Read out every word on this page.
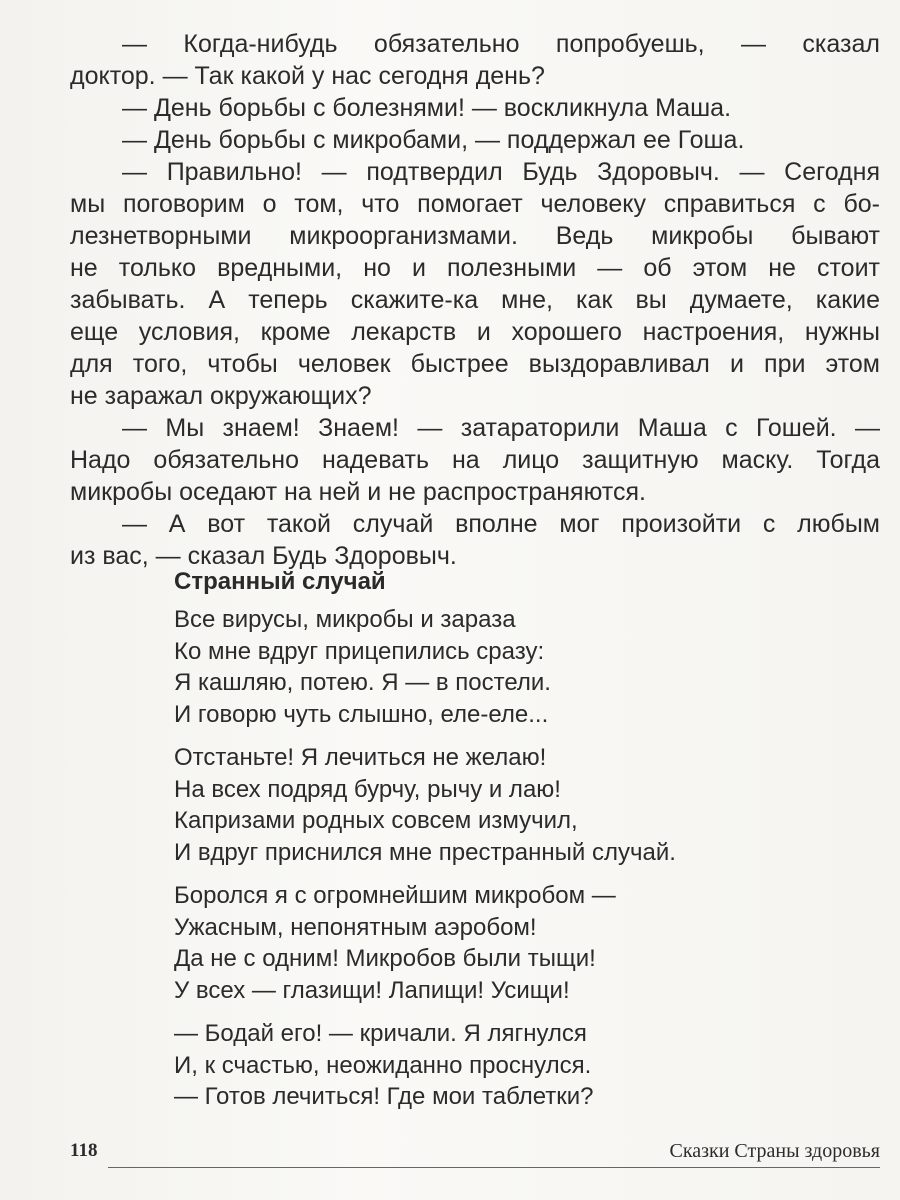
— Когда-нибудь обязательно попробуешь, — сказал
доктор. — Так какой у нас сегодня день?
— День борьбы с болезнями! — воскликнула Маша.
— День борьбы с микробами, — поддержал ее Гоша.
— Правильно! — подтвердил Будь Здоровыч. — Сегодня
мы поговорим о том, что помогает человеку справиться с бо-
лезнетворными микроорганизмами. Ведь микробы бывают
не только вредными, но и полезными — об этом не стоит
забывать. А теперь скажите-ка мне, как вы думаете, какие
еще условия, кроме лекарств и хорошего настроения, нужны
для того, чтобы человек быстрее выздоравливал и при этом
не заражал окружающих?
— Мы знаем! Знаем! — затараторили Маша с Гошей. —
Надо обязательно надевать на лицо защитную маску. Тогда
микробы оседают на ней и не распространяются.
— А вот такой случай вполне мог произойти с любым
из вас, — сказал Будь Здоровыч.
Странный случай
Все вирусы, микробы и зараза
Ко мне вдруг прицепились сразу:
Я кашляю, потею. Я — в постели.
И говорю чуть слышно, еле-еле...
Отстаньте! Я лечиться не желаю!
На всех подряд бурчу, рычу и лаю!
Капризами родных совсем измучил,
И вдруг приснился мне престранный случай.
Боролся я с огромнейшим микробом —
Ужасным, непонятным аэробом!
Да не с одним! Микробов были тыщи!
У всех — глазищи! Лапищи! Усищи!
— Бодай его! — кричали. Я лягнулся
И, к счастью, неожиданно проснулся.
— Готов лечиться! Где мои таблетки?
118	Сказки Страны здоровья
